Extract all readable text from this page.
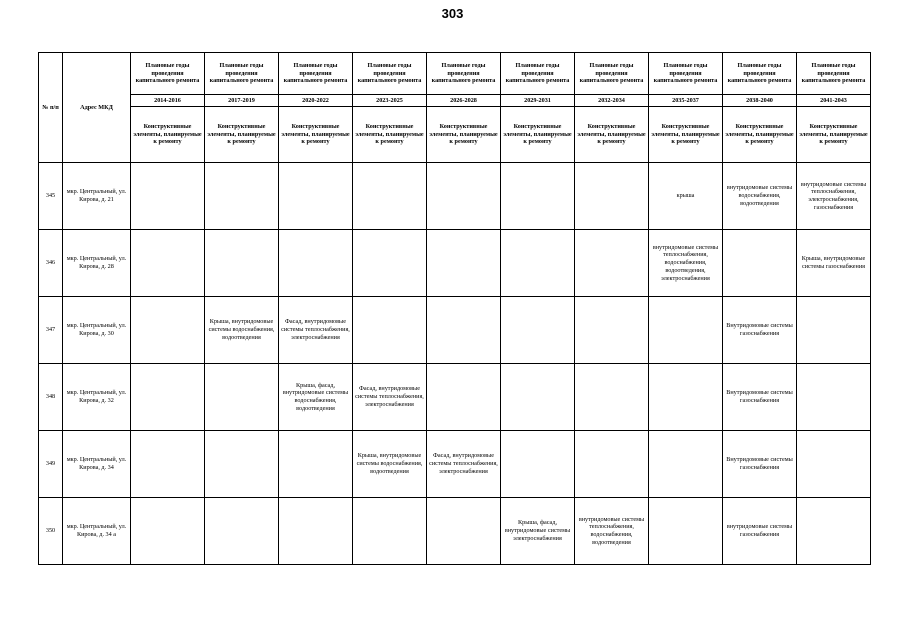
303
№ п/п	Адрес МКД	Плановые годы проведения капитального ремонта	Плановые годы проведения капитального ремонта	Плановые годы проведения капитального ремонта	Плановые годы проведения капитального ремонта	Плановые годы проведения капитального ремонта	Плановые годы проведения капитального ремонта	Плановые годы проведения капитального ремонта	Плановые годы проведения капитального ремонта	Плановые годы проведения капитального ремонта	Плановые годы проведения капитального ремонта
		2014-2016	2017-2019	2020-2022	2023-2025	2026-2028	2029-2031	2032-2034	2035-2037	2038-2040	2041-2043
		Конструктивные элементы, планируемые к ремонту	Конструктивные элементы, планируемые к ремонту	Конструктивные элементы, планируемые к ремонту	Конструктивные элементы, планируемые к ремонту	Конструктивные элементы, планируемые к ремонту	Конструктивные элементы, планируемые к ремонту	Конструктивные элементы, планируемые к ремонту	Конструктивные элементы, планируемые к ремонту	Конструктивные элементы, планируемые к ремонту	Конструктивные элементы, планируемые к ремонту
345	мкр. Центральный, ул. Кирова, д. 21								крыша	внутридомовые системы водоснабжения, водоотведения	внутридомовые системы теплоснабжения, электроснабжения, газоснабжения
346	мкр. Центральный, ул. Кирова, д. 28								внутридомовые системы теплоснабжения, водоснабжения, водоотведения, электроснабжения		Крыша, внутридомовые системы газоснабжения
347	мкр. Центральный, ул. Кирова, д. 30		Крыша, внутридомовые системы водоснабжения, водоотведения	Фасад, внутридомовые системы теплоснабжения, электроснабжения						Внутридомовые системы газоснабжения	
348	мкр. Центральный, ул. Кирова, д. 32			Крыша, фасад, внутридомовые системы водоснабжения, водоотведения	Фасад, внутридомовые системы теплоснабжения, электроснабжения					Внутридомовые системы газоснабжения	
349	мкр. Центральный, ул. Кирова, д. 34				Крыша, внутридомовые системы водоснабжения, водоотведения	Фасад, внутридомовые системы теплоснабжения, электроснабжения				Внутридомовые системы газоснабжения	
350	мкр. Центральный, ул. Кирова, д. 34 а						Крыша, фасад, внутридомовые системы электроснабжения	внутридомовые системы теплоснабжения, водоснабжения, водоотведения		внутридомовые системы газоснабжения	
